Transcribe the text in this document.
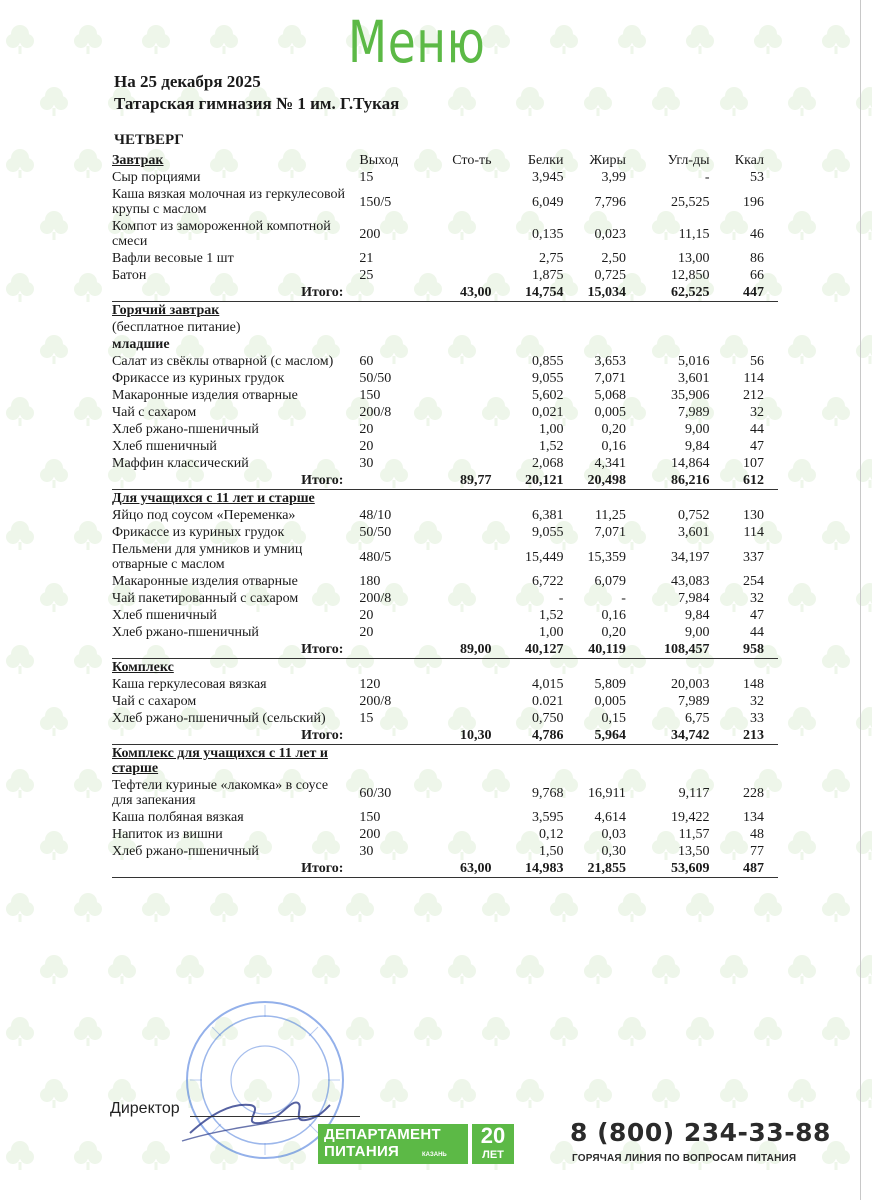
Меню
На 25 декабря 2025
Татарская гимназия № 1 им. Г.Тукая
ЧЕТВЕРГ
Завтрак	Выход	Сто-ть	Белки	Жиры	Угл-ды	Ккал
Сыр порциями	15		3,945	3,99	-	53
Каша вязкая молочная из геркулесовой крупы с маслом	150/5		6,049	7,796	25,525	196
Компот из замороженной компотной смеси	200		0,135	0,023	11,15	46
Вафли весовые 1 шт	21		2,75	2,50	13,00	86
Батон	25		1,875	0,725	12,850	66
Итого:		43,00	14,754	15,034	62,525	447
Горячий завтрак						
(бесплатное питание)						
младшие						
Салат из свёклы отварной (с маслом)	60		0,855	3,653	5,016	56
Фрикассе из куриных грудок	50/50		9,055	7,071	3,601	114
Макаронные изделия отварные	150		5,602	5,068	35,906	212
Чай с сахаром	200/8		0,021	0,005	7,989	32
Хлеб ржано-пшеничный	20		1,00	0,20	9,00	44
Хлеб пшеничный	20		1,52	0,16	9,84	47
Маффин классический	30		2,068	4,341	14,864	107
Итого:		89,77	20,121	20,498	86,216	612
Для учащихся с 11 лет и старше						
Яйцо под соусом «Переменка»	48/10		6,381	11,25	0,752	130
Фрикассе из куриных грудок	50/50		9,055	7,071	3,601	114
Пельмени для умников и умниц отварные с маслом	480/5		15,449	15,359	34,197	337
Макаронные изделия отварные	180		6,722	6,079	43,083	254
Чай пакетированный с сахаром	200/8		-	-	7,984	32
Хлеб пшеничный	20		1,52	0,16	9,84	47
Хлеб ржано-пшеничный	20		1,00	0,20	9,00	44
Итого:		89,00	40,127	40,119	108,457	958
Комплекс						
Каша геркулесовая вязкая	120		4,015	5,809	20,003	148
Чай с сахаром	200/8		0.021	0,005	7,989	32
Хлеб ржано-пшеничный (сельский)	15		0,750	0,15	6,75	33
Итого:		10,30	4,786	5,964	34,742	213
Комплекс для учащихся с 11 лет и старше						
Тефтели куриные «лакомка» в соусе для запекания	60/30		9,768	16,911	9,117	228
Каша полбяная вязкая	150		3,595	4,614	19,422	134
Напиток из вишни	200		0,12	0,03	11,57	48
Хлеб ржано-пшеничный	30		1,50	0,30	13,50	77
Итого:		63,00	14,983	21,855	53,609	487
Директор
ДЕПАРТАМЕНТ
ПИТАНИЯ	КАЗАНЬ
20
ЛЕТ
8 (800) 234-33-88
ГОРЯЧАЯ ЛИНИЯ ПО ВОПРОСАМ ПИТАНИЯ
